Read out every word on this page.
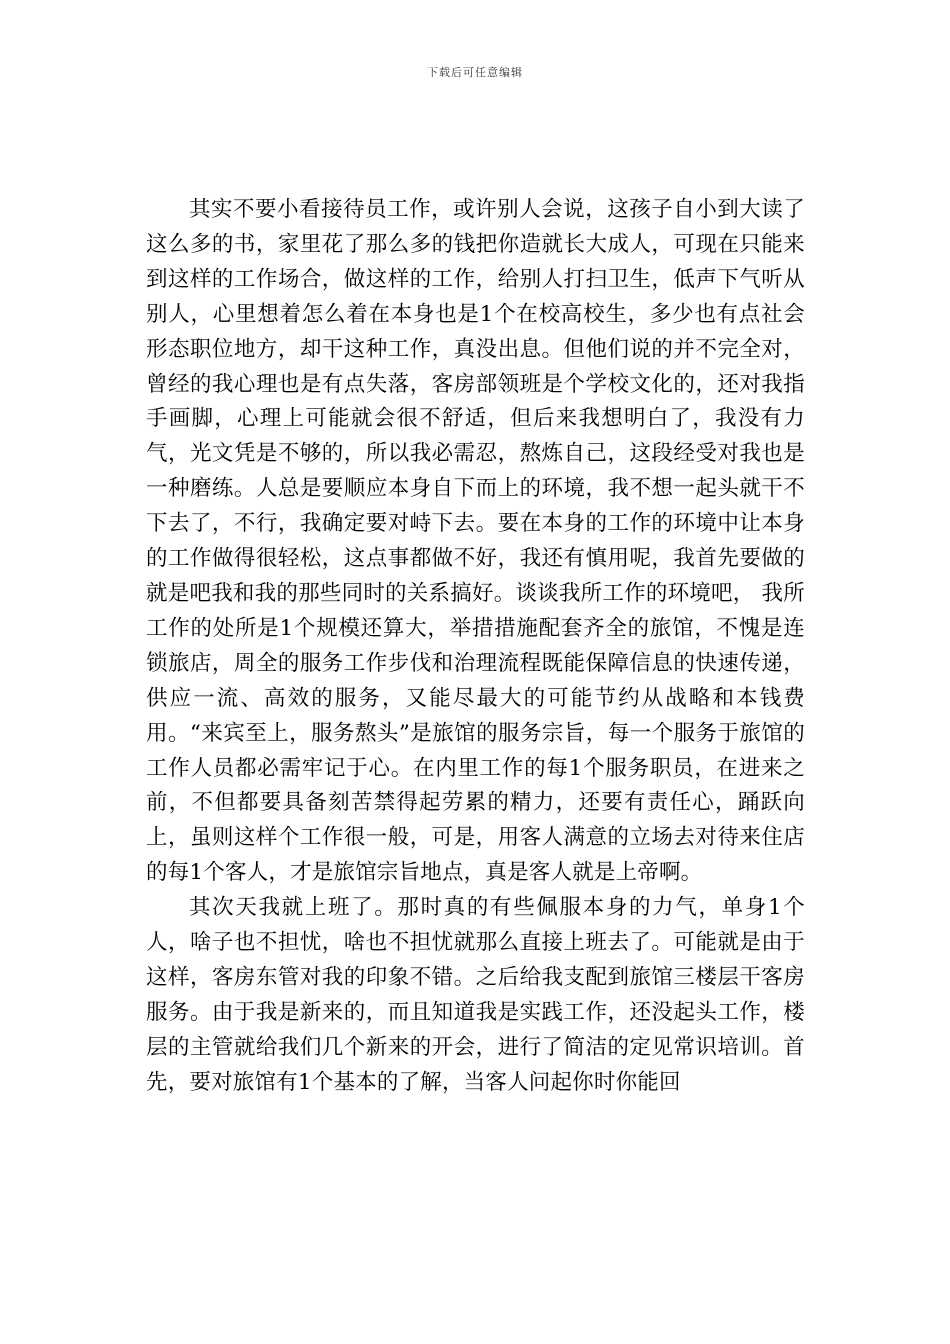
下载后可任意编辑

其实不要小看接待员工作，或许别人会说，这孩子自小到大读了这么多的书，家里花了那么多的钱把你造就长大成人，可现在只能来到这样的工作场合，做这样的工作，给别人打扫卫生，低声下气听从别人，心里想着怎么着在本身也是1个在校高校生，多少也有点社会形态职位地方，却干这种工作，真没出息。但他们说的并不完全对，曾经的我心理也是有点失落，客房部领班是个学校文化的，还对我指手画脚，心理上可能就会很不舒适，但后来我想明白了，我没有力气，光文凭是不够的，所以我必需忍，熬炼自己，这段经受对我也是一种磨练。人总是要顺应本身自下而上的环境，我不想一起头就干不下去了，不行，我确定要对峙下去。要在本身的工作的环境中让本身的工作做得很轻松，这点事都做不好，我还有慎用呢，我首先要做的就是吧我和我的那些同时的关系搞好。谈谈我所工作的环境吧， 我所工作的处所是1个规模还算大，举措措施配套齐全的旅馆，不愧是连锁旅店，周全的服务工作步伐和治理流程既能保障信息的快速传递，供应一流、高效的服务，又能尽最大的可能节约从战略和本钱费用。“来宾至上，服务熬头”是旅馆的服务宗旨，每一个服务于旅馆的工作人员都必需牢记于心。在内里工作的每1个服务职员，在进来之前，不但都要具备刻苦禁得起劳累的精力，还要有责任心，踊跃向上，虽则这样个工作很一般，可是，用客人满意的立场去对待来住店的每1个客人，才是旅馆宗旨地点，真是客人就是上帝啊。

其次天我就上班了。那时真的有些佩服本身的力气，单身1个人，啥子也不担忧，啥也不担忧就那么直接上班去了。可能就是由于这样，客房东管对我的印象不错。之后给我支配到旅馆三楼层干客房服务。由于我是新来的，而且知道我是实践工作，还没起头工作，楼层的主管就给我们几个新来的开会，进行了简洁的定见常识培训。首先，要对旅馆有1个基本的了解，当客人问起你时你能回
